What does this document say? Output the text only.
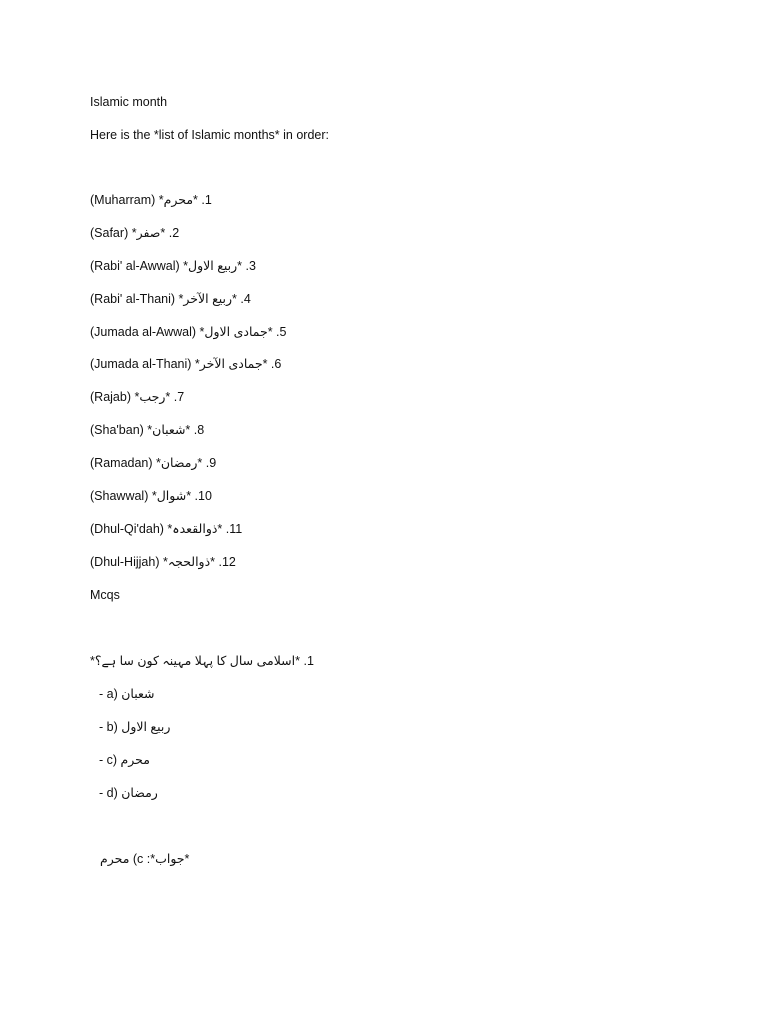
Islamic month
Here is the *list of Islamic months* in order:
1. *محرم* (Muharram)
2. *صفر* (Safar)
3. *ربیع الاول* (Rabi' al-Awwal)
4. *ربیع الآخر* (Rabi' al-Thani)
5. *جمادی الاول* (Jumada al-Awwal)
6. *جمادی الآخر* (Jumada al-Thani)
7. *رجب* (Rajab)
8. *شعبان* (Sha'ban)
9. *رمضان* (Ramadan)
10. *شوال* (Shawwal)
11. *ذوالقعدہ* (Dhul-Qi'dah)
12. *ذوالحجہ* (Dhul-Hijjah)
Mcqs
1. *اسلامی سال کا پہلا مہینہ کون سا ہے؟*
- a) شعبان
- b) ربیع الاول
- c) محرم
- d) رمضان
*جواب*: c) محرم
